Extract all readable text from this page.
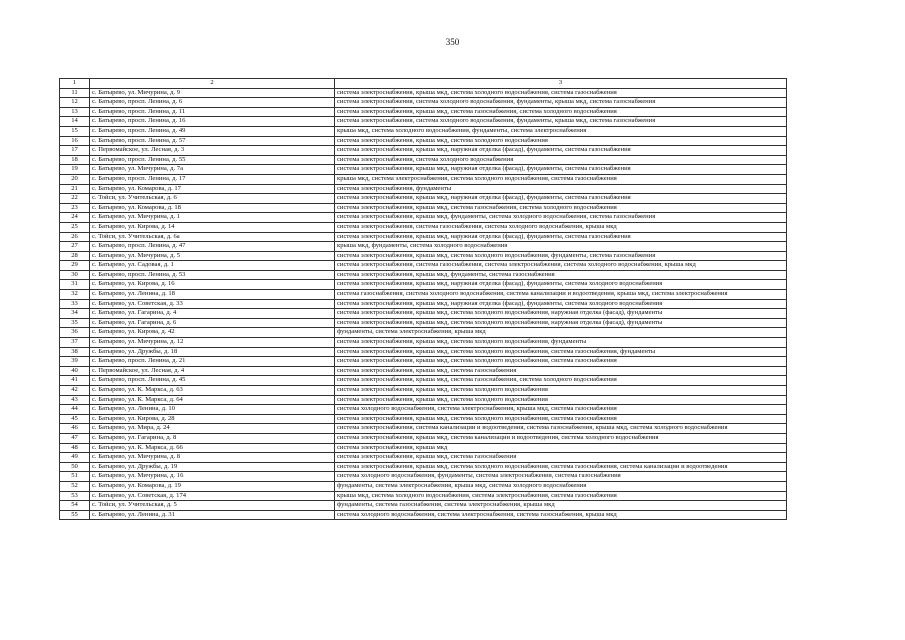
350
1	2	3
11	с. Батырево, ул. Мичурина, д. 9	система электроснабжения, крыша мкд, система холодного водоснабжения, система газоснабжения
12	с. Батырево, просп. Ленина, д. 6	система электроснабжения, система холодного водоснабжения, фундаменты, крыша мкд, система газоснабжения
13	с. Батырево, просп. Ленина, д. 11	система электроснабжения, крыша мкд, система газоснабжения, система холодного водоснабжения
14	с. Батырево, просп. Ленина, д. 16	система электроснабжения, система холодного водоснабжения, фундаменты, крыша мкд, система газоснабжения
15	с. Батырево, просп. Ленина, д. 49	крыша мкд, система холодного водоснабжения, фундаменты, система электроснабжения
16	с. Батырево, просп. Ленина, д. 57	система электроснабжения, крыша мкд, система холодного водоснабжения
17	с. Первомайское, ул. Лесная, д. 3	система электроснабжения, крыша мкд, наружная отделка (фасад), фундаменты, система газоснабжения
18	с. Батырево, просп. Ленина, д. 55	система электроснабжения, система холодного водоснабжения
19	с. Батырево, ул. Мичурина, д. 7а	система электроснабжения, крыша мкд, наружная отделка (фасад), фундаменты, система газоснабжения
20	с. Батырево, просп. Ленина, д. 17	крыша мкд, система электроснабжения, система холодного водоснабжения, система газоснабжения
21	с. Батырево, ул. Комарова, д. 17	система электроснабжения, фундаменты
22	с. Тойси, ул. Учительская, д. 6	система электроснабжения, крыша мкд, наружная отделка (фасад), фундаменты, система газоснабжения
23	с. Батырево, ул. Комарова, д. 18	система электроснабжения, крыша мкд, система газоснабжения, система холодного водоснабжения
24	с. Батырево, ул. Мичурина, д. 1	система электроснабжения, крыша мкд, фундаменты, система холодного водоснабжения, система газоснабжения
25	с. Батырево, ул. Кирова, д. 14	система электроснабжения, система газоснабжения, система холодного водоснабжения, крыша мкд
26	с. Тойси, ул. Учительская, д. 6а	система электроснабжения, крыша мкд, наружная отделка (фасад), фундаменты, система газоснабжения
27	с. Батырево, просп. Ленина, д. 47	крыша мкд, фундаменты, система холодного водоснабжения
28	с. Батырево, ул. Мичурина, д. 5	система электроснабжения, крыша мкд, система холодного водоснабжения, фундаменты, система газоснабжения
29	с. Батырево, ул. Садовая, д. 1	система электроснабжения, система газоснабжения, система электроснабжения, система холодного водоснабжения, крыша мкд
30	с. Батырево, просп. Ленина, д. 53	система электроснабжения, крыша мкд, фундаменты, система газоснабжения
31	с. Батырево, ул. Кирова, д. 16	система электроснабжения, крыша мкд, наружная отделка (фасад), фундаменты, система холодного водоснабжения
32	с. Батырево, ул. Ленина, д. 18	система газоснабжения, система холодного водоснабжения, система канализации и водоотведения, крыша мкд, система электроснабжения
33	с. Батырево, ул. Советская, д. 33	система электроснабжения, крыша мкд, наружная отделка (фасад), фундаменты, система холодного водоснабжения
34	с. Батырево, ул. Гагарина, д. 4	система электроснабжения, крыша мкд, система холодного водоснабжения, наружная отделка (фасад), фундаменты
35	с. Батырево, ул. Гагарина, д. 6	система электроснабжения, крыша мкд, система холодного водоснабжения, наружная отделка (фасад), фундаменты
36	с. Батырево, ул. Кирова, д. 42	фундаменты, система электроснабжения, крыша мкд
37	с. Батырево, ул. Мичурина, д. 12	система электроснабжения, крыша мкд, система холодного водоснабжения, фундаменты
38	с. Батырево, ул. Дружбы, д. 18	система электроснабжения, крыша мкд, система холодного водоснабжения, система газоснабжения, фундаменты
39	с. Батырево, просп. Ленина, д. 21	система электроснабжения, крыша мкд, система холодного водоснабжения, система газоснабжения
40	с. Первомайское, ул. Лесная, д. 4	система электроснабжения, крыша мкд, система газоснабжения
41	с. Батырево, просп. Ленина, д. 45	система электроснабжения, крыша мкд, система газоснабжения, система холодного водоснабжения
42	с. Батырево, ул. К. Маркса, д. 63	система электроснабжения, крыша мкд, система холодного водоснабжения
43	с. Батырево, ул. К. Маркса, д. 64	система электроснабжения, крыша мкд, система холодного водоснабжения
44	с. Батырево, ул. Ленина, д. 10	система холодного водоснабжения, система электроснабжения, крыша мкд, система газоснабжения
45	с. Батырево, ул. Кирова, д. 28	система электроснабжения, крыша мкд, система холодного водоснабжения, система газоснабжения
46	с. Батырево, ул. Мира, д. 24	система электроснабжения, система канализации и водоотведения, система газоснабжения, крыша мкд, система холодного водоснабжения
47	с. Батырево, ул. Гагарина, д. 8	система электроснабжения, крыша мкд, система канализации и водоотведения, система холодного водоснабжения
48	с. Батырево, ул. К. Маркса, д. 66	система электроснабжения, крыша мкд
49	с. Батырево, ул. Мичурина, д. 8	система электроснабжения, крыша мкд, система газоснабжения
50	с. Батырево, ул. Дружбы, д. 19	система электроснабжения, крыша мкд, система холодного водоснабжения, система газоснабжения, система канализации и водоотведения
51	с. Батырево, ул. Мичурина, д. 16	система холодного водоснабжения, фундаменты, система электроснабжения, система газоснабжения
52	с. Батырево, ул. Комарова, д. 19	фундаменты, система электроснабжения, крыша мкд, система холодного водоснабжения
53	с. Батырево, ул. Советская, д. 174	крыша мкд, система холодного водоснабжения, система электроснабжения, система газоснабжения
54	с. Тойси, ул. Учительская, д. 5	фундаменты, система газоснабжения, система электроснабжения, крыша мкд
55	с. Батырево, ул. Ленина, д. 31	система холодного водоснабжения, система электроснабжения, система газоснабжения, крыша мкд
